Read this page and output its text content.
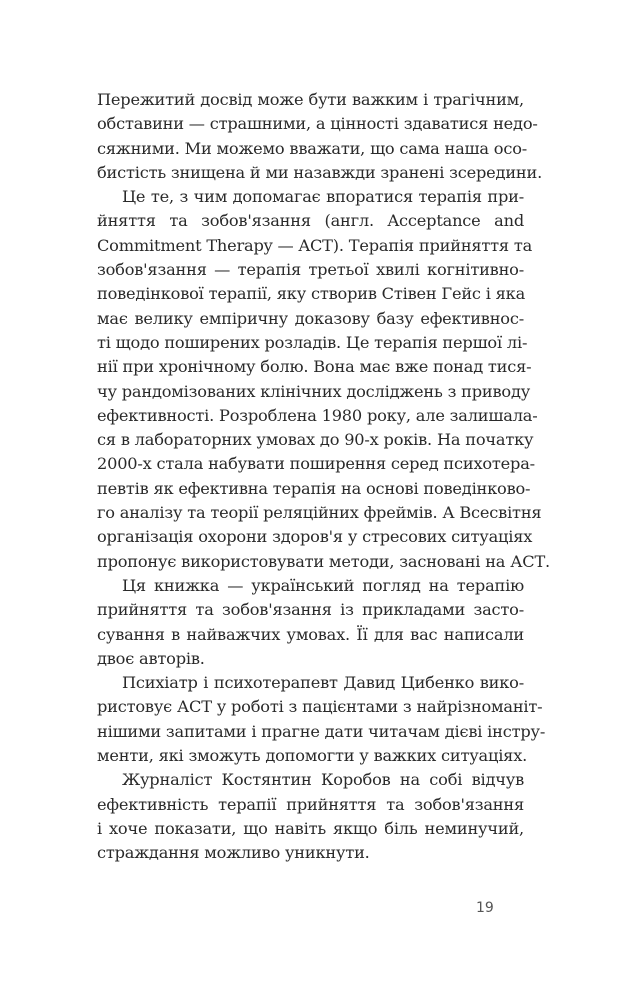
Пережитий досвід може бути важким і трагічним,
обставини — страшними, а цінності здаватися недо-
сяжними. Ми можемо вважати, що сама наша осо-
бистість знищена й ми назавжди зранені зсередини.
Це те, з чим допомагає впоратися терапія при-
йняття та зобов'язання (англ. Acceptance and
Commitment Therapy — ACT). Терапія прийняття та
зобов'язання — терапія третьої хвилі когнітивно-
поведінкової терапії, яку створив Стівен Гейс і яка
має велику емпіричну доказову базу ефективнос-
ті щодо поширених розладів. Це терапія першої лі-
нії при хронічному болю. Вона має вже понад тися-
чу рандомізованих клінічних досліджень з приводу
ефективності. Розроблена 1980 року, але залишала-
ся в лабораторних умовах до 90-х років. На початку
2000-х стала набувати поширення серед психотера-
певтів як ефективна терапія на основі поведінково-
го аналізу та теорії реляційних фреймів. А Всесвітня
організація охорони здоров'я у стресових ситуаціях
пропонує використовувати методи, засновані на АСТ.
Ця книжка — український погляд на терапію
прийняття та зобов'язання із прикладами засто-
сування в найважчих умовах. Її для вас написали
двоє авторів.
Психіатр і психотерапевт Давид Цибенко вико-
ристовує АСТ у роботі з пацієнтами з найрізноманіт-
нішими запитами і прагне дати читачам дієві інстру-
менти, які зможуть допомогти у важких ситуаціях.
Журналіст Костянтин Коробов на собі відчув
ефективність терапії прийняття та зобов'язання
і хоче показати, що навіть якщо біль неминучий,
страждання можливо уникнути.
19
